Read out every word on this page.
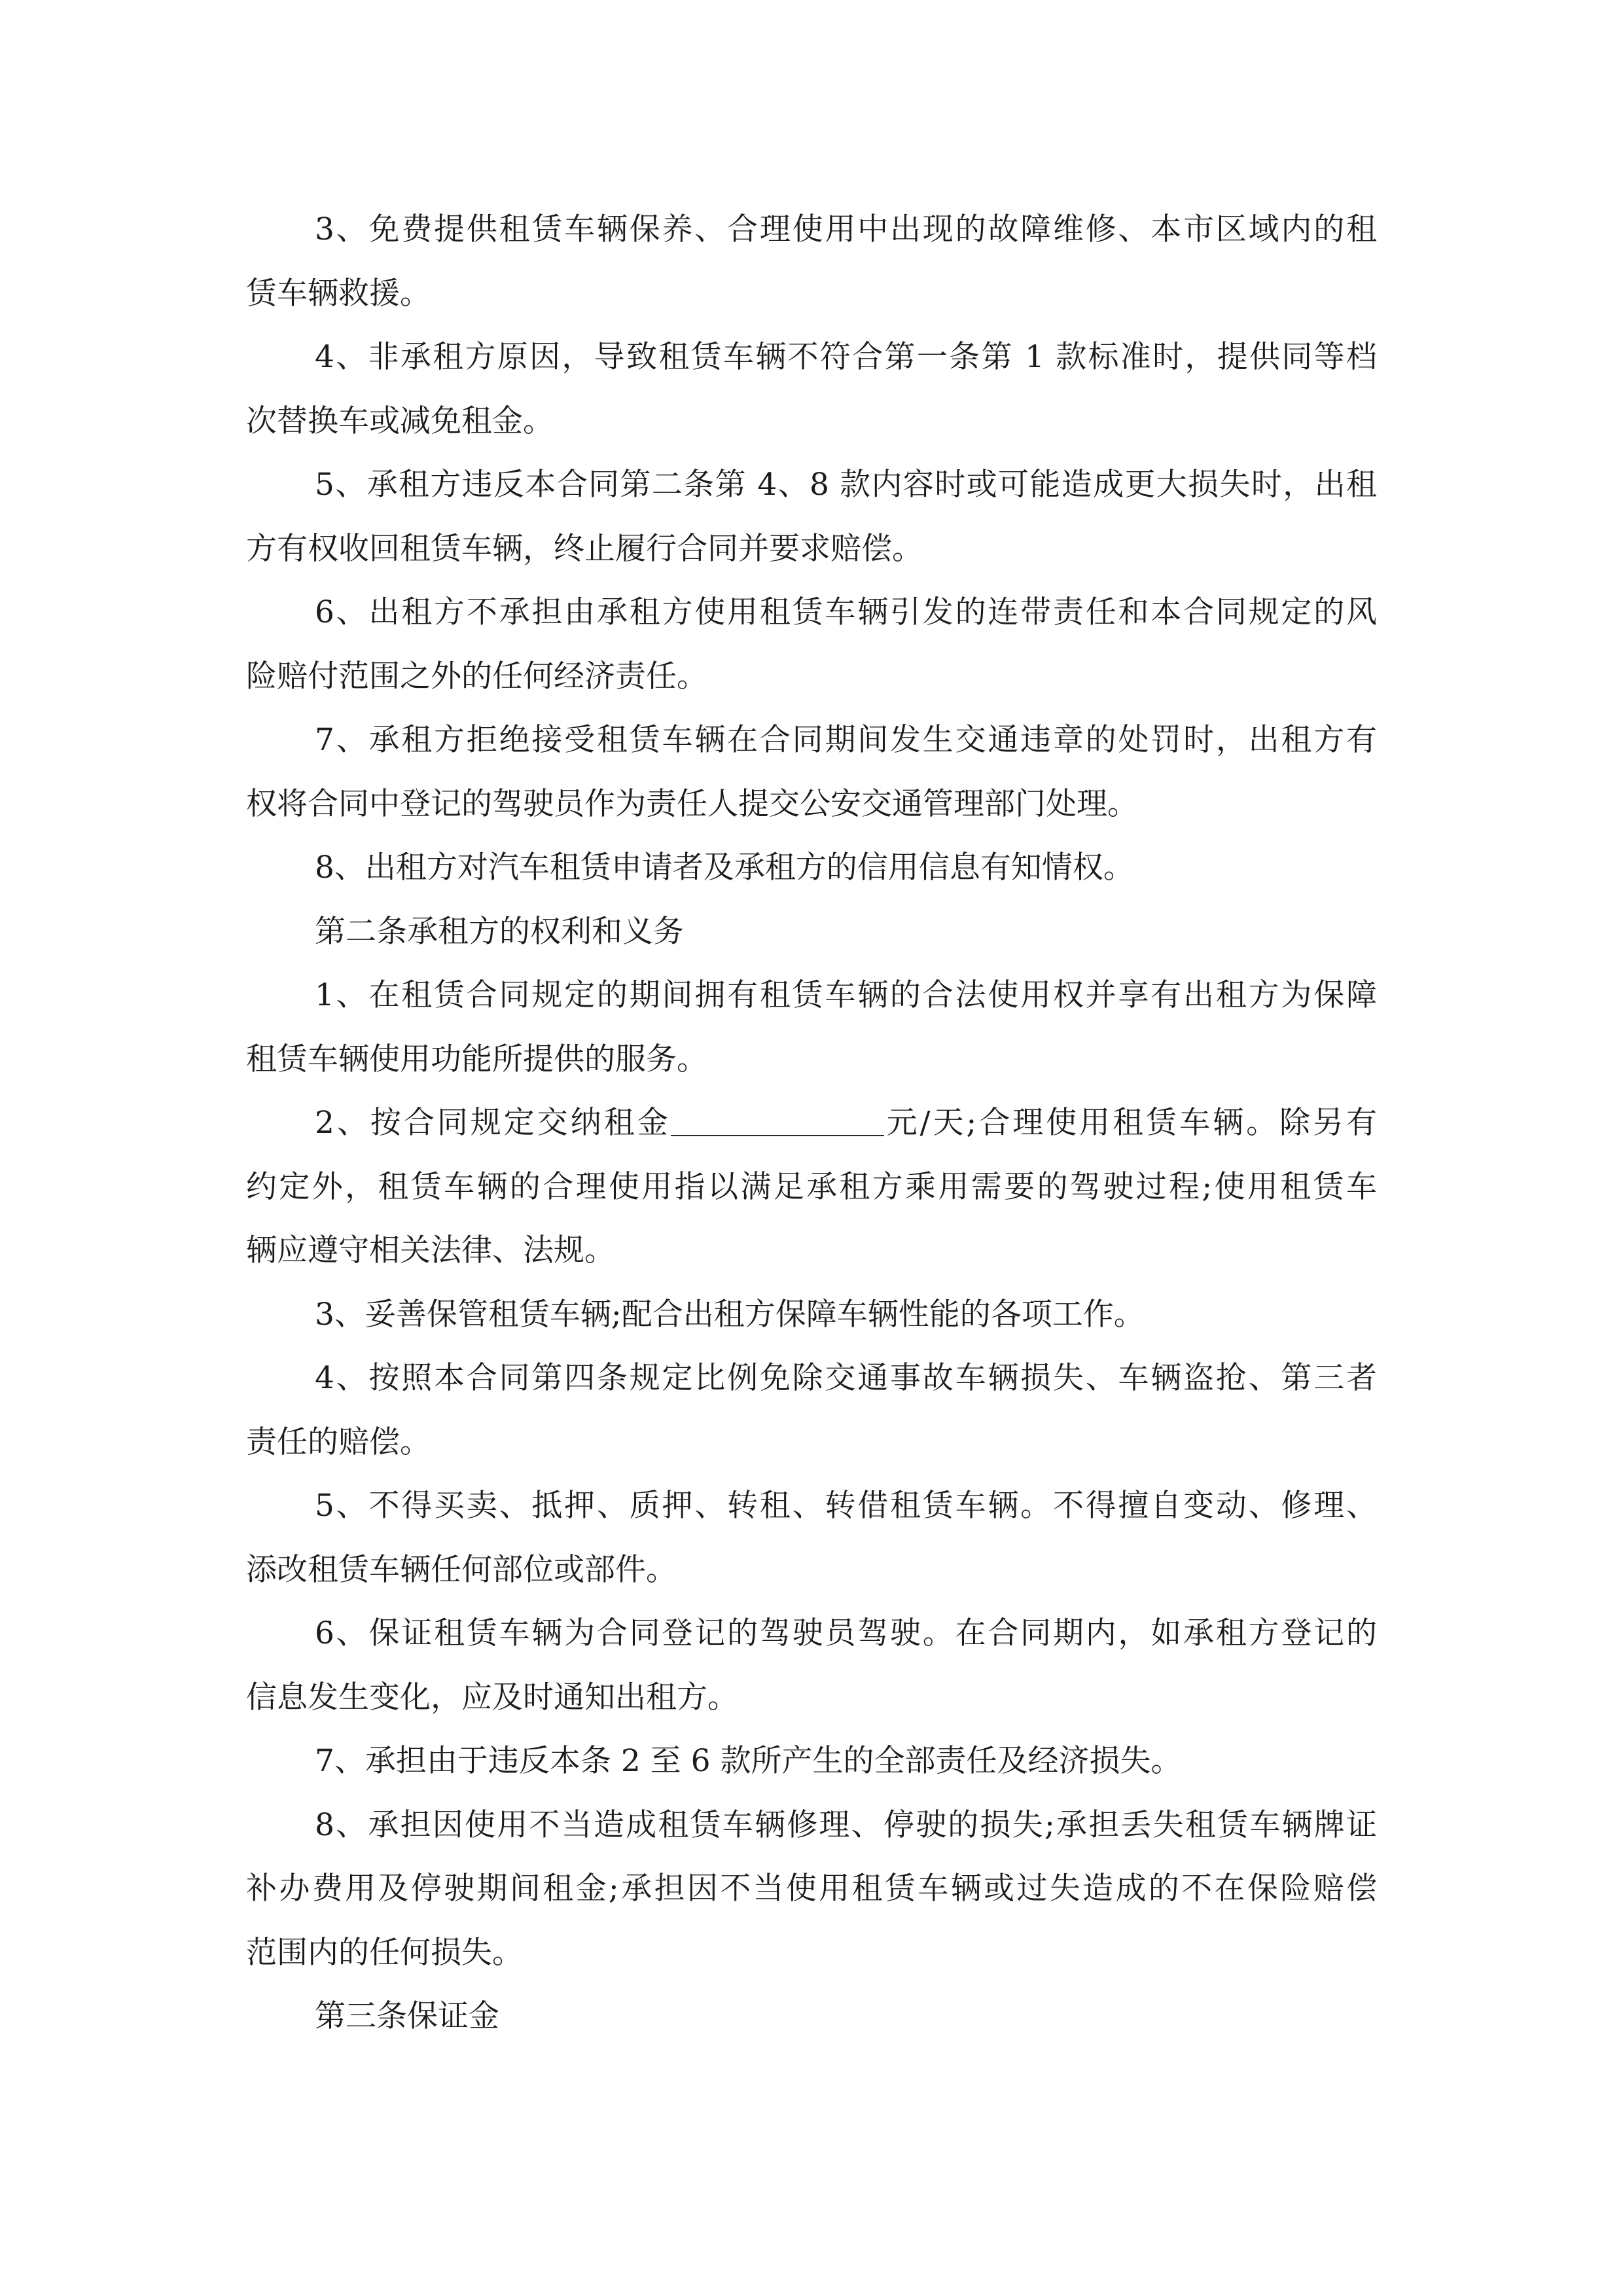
3、免费提供租赁车辆保养、合理使用中出现的故障维修、本市区域内的租
赁车辆救援。
4、非承租方原因，导致租赁车辆不符合第一条第 1 款标准时，提供同等档
次替换车或减免租金。
5、承租方违反本合同第二条第 4、8 款内容时或可能造成更大损失时，出租
方有权收回租赁车辆，终止履行合同并要求赔偿。
6、出租方不承担由承租方使用租赁车辆引发的连带责任和本合同规定的风
险赔付范围之外的任何经济责任。
7、承租方拒绝接受租赁车辆在合同期间发生交通违章的处罚时，出租方有
权将合同中登记的驾驶员作为责任人提交公安交通管理部门处理。
8、出租方对汽车租赁申请者及承租方的信用信息有知情权。
第二条承租方的权利和义务
1、在租赁合同规定的期间拥有租赁车辆的合法使用权并享有出租方为保障
租赁车辆使用功能所提供的服务。
2、按合同规定交纳租金	元/天;合理使用租赁车辆。除另有
约定外，租赁车辆的合理使用指以满足承租方乘用需要的驾驶过程;使用租赁车
辆应遵守相关法律、法规。
3、妥善保管租赁车辆;配合出租方保障车辆性能的各项工作。
4、按照本合同第四条规定比例免除交通事故车辆损失、车辆盗抢、第三者
责任的赔偿。
5、不得买卖、抵押、质押、转租、转借租赁车辆。不得擅自变动、修理、
添改租赁车辆任何部位或部件。
6、保证租赁车辆为合同登记的驾驶员驾驶。在合同期内，如承租方登记的
信息发生变化，应及时通知出租方。
7、承担由于违反本条 2 至 6 款所产生的全部责任及经济损失。
8、承担因使用不当造成租赁车辆修理、停驶的损失;承担丢失租赁车辆牌证
补办费用及停驶期间租金;承担因不当使用租赁车辆或过失造成的不在保险赔偿
范围内的任何损失。
第三条保证金
